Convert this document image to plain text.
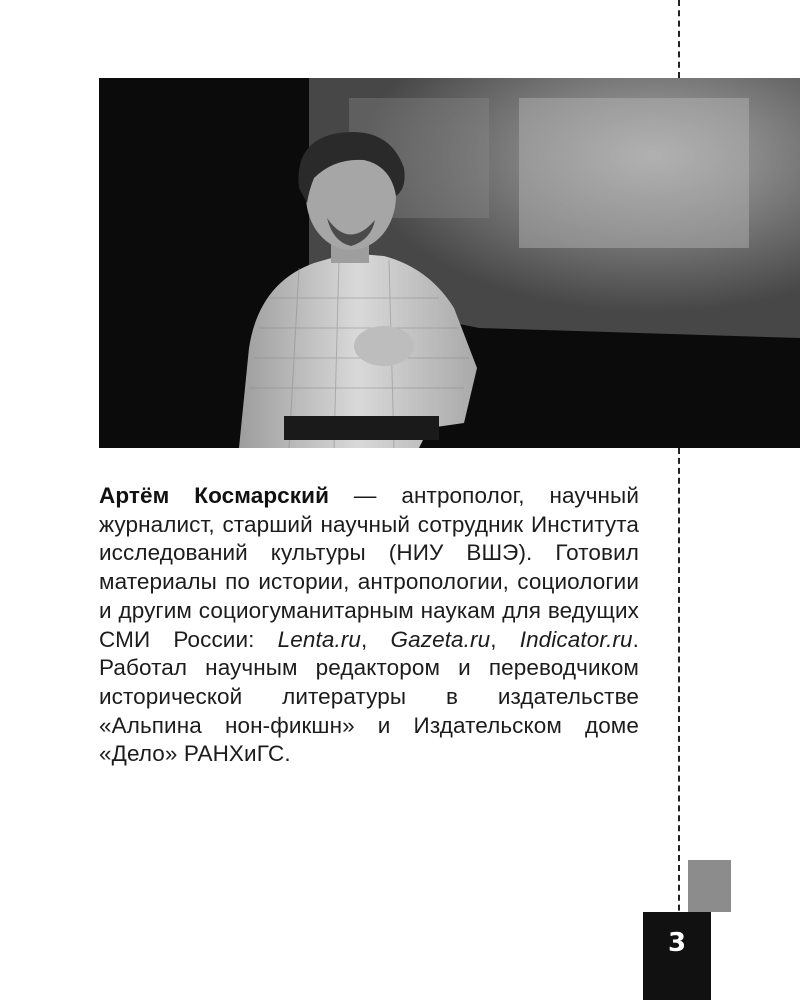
Артём Космарский — антрополог, научный журналист, старший научный сотрудник Института исследований культуры (НИУ ВШЭ). Готовил материалы по истории, антропологии, социологии и другим социогуманитарным наукам для ведущих СМИ России: Lenta.ru, Gazeta.ru, Indicator.ru. Работал научным редактором и переводчиком исторической литературы в издательстве «Альпина нон-фикшн» и Издательском доме «Дело» РАНХиГС.

3
